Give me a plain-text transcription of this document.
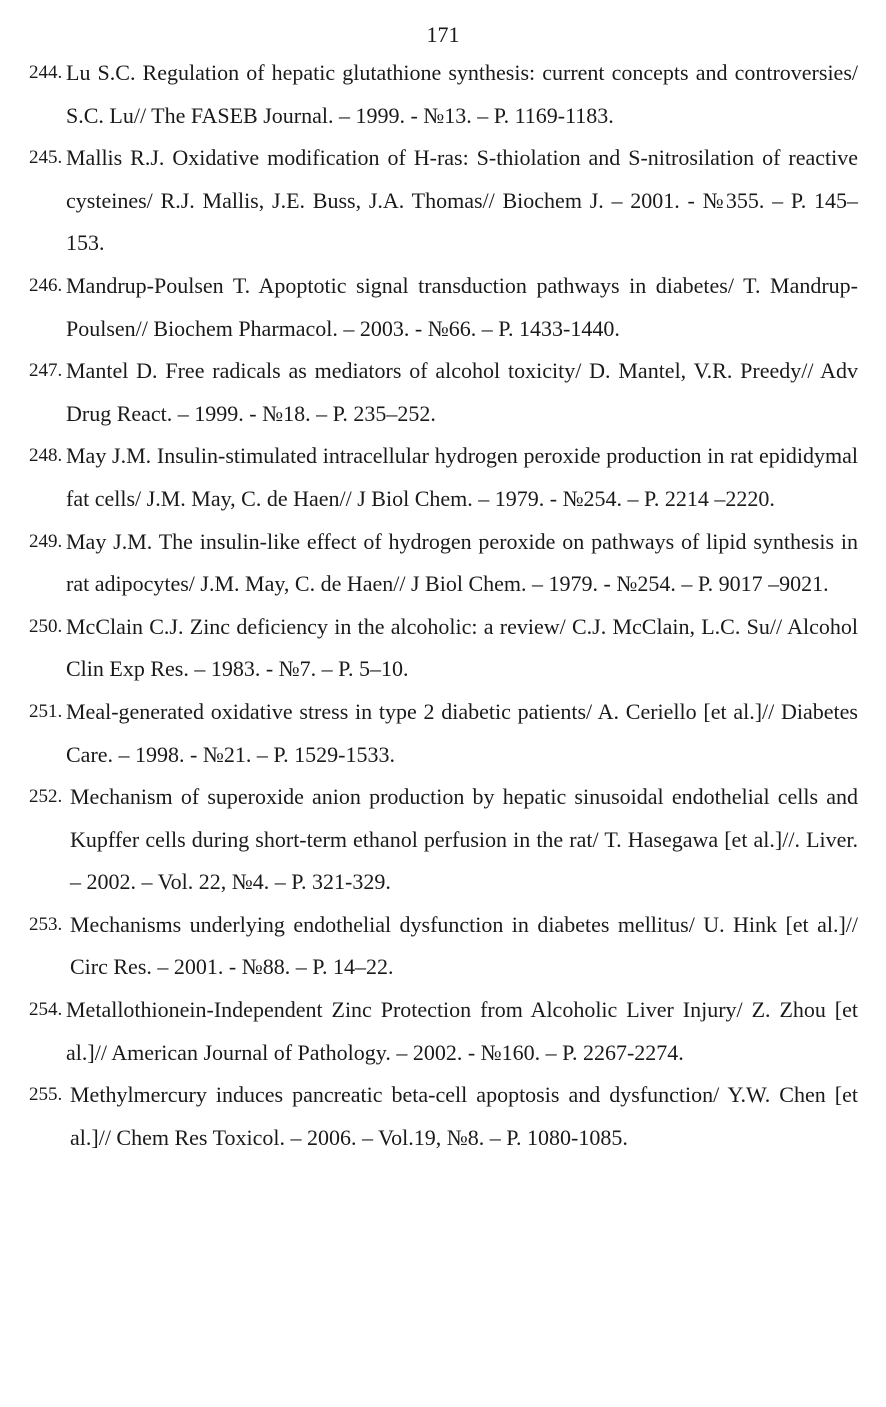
171
244. Lu S.C. Regulation of hepatic glutathione synthesis: current concepts and controversies/ S.C. Lu// The FASEB Journal. – 1999. - №13. – P. 1169-1183.
245. Mallis R.J. Oxidative modification of H-ras: S-thiolation and S-nitrosilation of reactive cysteines/ R.J. Mallis, J.E. Buss, J.A. Thomas// Biochem J. – 2001. - №355. – P. 145–153.
246. Mandrup-Poulsen T. Apoptotic signal transduction pathways in diabetes/ T. Mandrup-Poulsen// Biochem Pharmacol. – 2003. - №66. – P. 1433-1440.
247. Mantel D. Free radicals as mediators of alcohol toxicity/ D. Mantel, V.R. Preedy// Adv Drug React. – 1999. - №18. – P. 235–252.
248. May J.M. Insulin-stimulated intracellular hydrogen peroxide production in rat epididymal fat cells/ J.M. May, C. de Haen// J Biol Chem. – 1979. - №254. – P. 2214 –2220.
249. May J.M. The insulin-like effect of hydrogen peroxide on pathways of lipid synthesis in rat adipocytes/ J.M. May, C. de Haen// J Biol Chem. – 1979. - №254. – P. 9017 –9021.
250. McClain C.J. Zinc deficiency in the alcoholic: a review/ C.J. McClain, L.C. Su// Alcohol Clin Exp Res. – 1983. - №7. – P. 5–10.
251. Meal-generated oxidative stress in type 2 diabetic patients/ A. Ceriello [et al.]// Diabetes Care. – 1998. - №21. – P. 1529-1533.
252. Mechanism of superoxide anion production by hepatic sinusoidal endothelial cells and Kupffer cells during short-term ethanol perfusion in the rat/ T. Hasegawa [et al.]//. Liver. – 2002. – Vol. 22, №4. – P. 321-329.
253. Mechanisms underlying endothelial dysfunction in diabetes mellitus/ U. Hink [et al.]// Circ Res. – 2001. - №88. – P. 14–22.
254. Metallothionein-Independent Zinc Protection from Alcoholic Liver Injury/ Z. Zhou [et al.]// American Journal of Pathology. – 2002. - №160. – P. 2267-2274.
255. Methylmercury induces pancreatic beta-cell apoptosis and dysfunction/ Y.W. Chen [et al.]// Chem Res Toxicol. – 2006. – Vol.19, №8. – P. 1080-1085.
